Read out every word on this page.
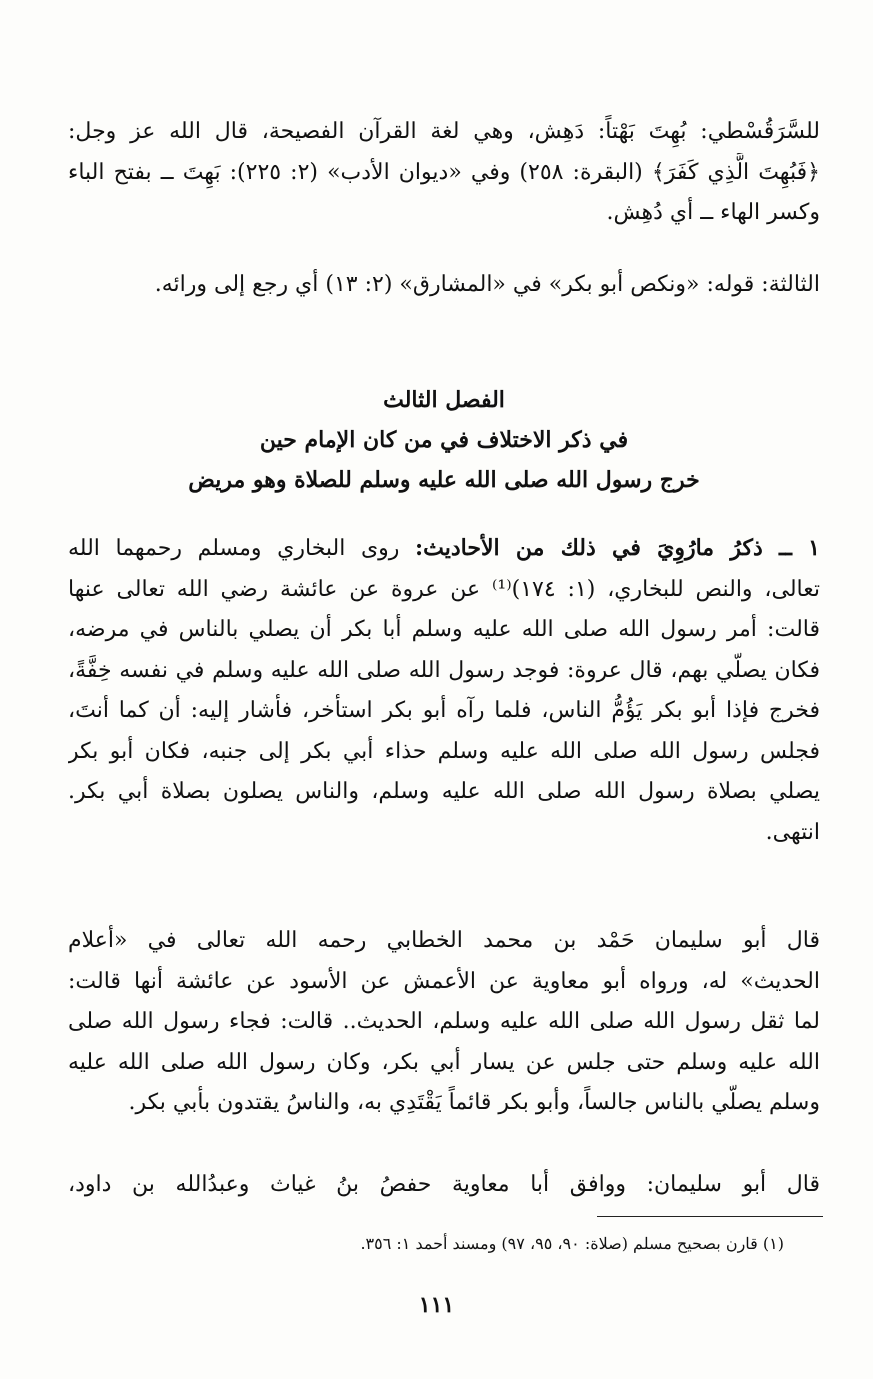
للسَّرَقُسْطي: بُهِتَ بَهْتاً: دَهِش، وهي لغة القرآن الفصيحة، قال الله عز وجل:
﴿فَبُهِتَ الَّذِي كَفَرَ﴾ (البقرة: ٢٥٨) وفي «ديوان الأدب» (٢: ٢٢٥): بَهِتَ ــ بفتح الباء
وكسر الهاء ــ أي دُهِش.
الثالثة: قوله: «ونكص أبو بكر» في «المشارق» (٢: ١٣) أي رجع إلى ورائه.
الفصل الثالث
في ذكر الاختلاف في من كان الإمام حين
خرج رسول الله صلى الله عليه وسلم للصلاة وهو مريض
١ ــ ذكرُ مارُوِيَ في ذلك من الأحاديث: روى البخاري ومسلم رحمهما الله
تعالى، والنص للبخاري، (١: ١٧٤)⁽¹⁾ عن عروة عن عائشة رضي الله تعالى عنها
قالت: أمر رسول الله صلى الله عليه وسلم أبا بكر أن يصلي بالناس في مرضه،
فكان يصلّي بهم، قال عروة: فوجد رسول الله صلى الله عليه وسلم في نفسه خِفَّةً،
فخرج فإذا أبو بكر يَؤُمُّ الناس، فلما رآه أبو بكر استأخر، فأشار إليه: أن كما أنتَ،
فجلس رسول الله صلى الله عليه وسلم حذاء أبي بكر إلى جنبه، فكان أبو بكر
يصلي بصلاة رسول الله صلى الله عليه وسلم، والناس يصلون بصلاة أبي بكر.
انتهى.
قال أبو سليمان حَمْد بن محمد الخطابي رحمه الله تعالى في «أعلام
الحديث» له، ورواه أبو معاوية عن الأعمش عن الأسود عن عائشة أنها قالت:
لما ثقل رسول الله صلى الله عليه وسلم، الحديث.. قالت: فجاء رسول الله صلى
الله عليه وسلم حتى جلس عن يسار أبي بكر، وكان رسول الله صلى الله عليه
وسلم يصلّي بالناس جالساً، وأبو بكر قائماً يَقْتَدِي به، والناسُ يقتدون بأبي بكر.
قال أبو سليمان: ووافق أبا معاوية حفصُ بنُ غياث وعبدُالله بن داود،
(١) قارن بصحيح مسلم (صلاة: ٩٠، ٩٥، ٩٧) ومسند أحمد ١: ٣٥٦.
١١١
